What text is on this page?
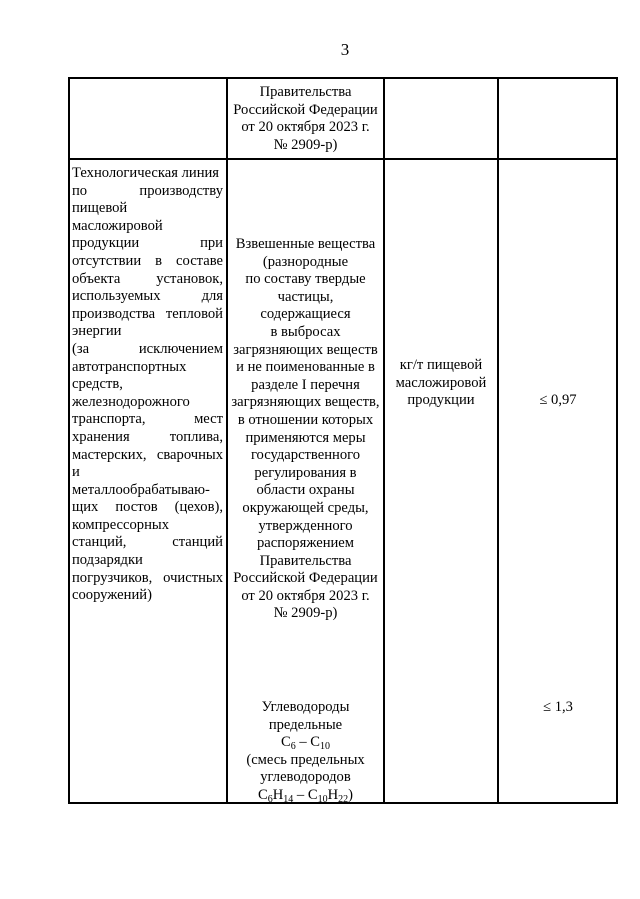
3
Правительства
Российской Федерации
от 20 октября 2023 г.
№ 2909-р)
Технологическая линия
по производству
пищевой
масложировой
продукции при
отсутствии в составе
объекта установок,
используемых для
производства тепловой
энергии
(за исключением
автотранспортных
средств,
железнодорожного
транспорта, мест
хранения топлива,
мастерских, сварочных
и
металлообрабатываю-
щих постов (цехов),
компрессорных
станций, станций
подзарядки
погрузчиков, очистных
сооружений)
Взвешенные вещества
(разнородные
по составу твердые
частицы,
содержащиеся
в выбросах
загрязняющих веществ
и не поименованные в
разделе I перечня
загрязняющих веществ,
в отношении которых
применяются меры
государственного
регулирования в
области охраны
окружающей среды,
утвержденного
распоряжением
Правительства
Российской Федерации
от 20 октября 2023 г.
№ 2909-р)
кг/т пищевой
масложировой
продукции	≤ 0,97
Углеводороды
предельные
$C_6 - C_{10}$
(смесь предельных
углеводородов
$C_6H_{14} - C_{10}H_{22}$)
≤ 1,3
